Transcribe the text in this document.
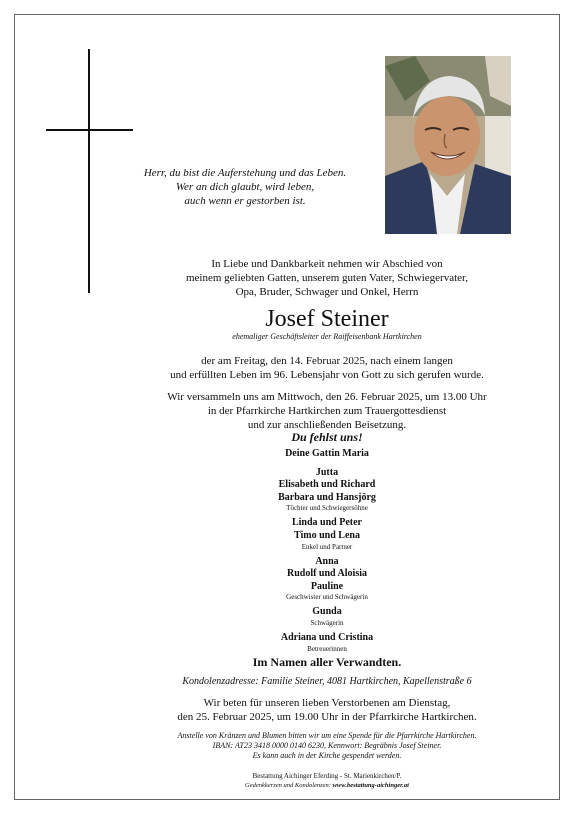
Herr, du bist die Auferstehung und das Leben.
Wer an dich glaubt, wird leben,
auch wenn er gestorben ist.
In Liebe und Dankbarkeit nehmen wir Abschied von
meinem geliebten Gatten, unserem guten Vater, Schwiegervater,
Opa, Bruder, Schwager und Onkel, Herrn
Josef Steiner
ehemaliger Geschäftsleiter der Raiffeisenbank Hartkirchen
der am Freitag, den 14. Februar 2025, nach einem langen
und erfüllten Leben im 96. Lebensjahr von Gott zu sich gerufen wurde.
Wir versammeln uns am Mittwoch, den 26. Februar 2025, um 13.00 Uhr
in der Pfarrkirche Hartkirchen zum Trauergottesdienst
und zur anschließenden Beisetzung.
Du fehlst uns!
Deine Gattin Maria
Jutta
Elisabeth und Richard
Barbara und Hansjörg
Töchter und Schwiegersöhne
Linda und Peter
Timo und Lena
Enkel und Partner
Anna
Rudolf und Aloisia
Pauline
Geschwister und Schwägerin
Gunda
Schwägerin
Adriana und Cristina
Betreuerinnen
Im Namen aller Verwandten.
Kondolenzadresse: Familie Steiner, 4081 Hartkirchen, Kapellenstraße 6
Wir beten für unseren lieben Verstorbenen am Dienstag,
den 25. Februar 2025, um 19.00 Uhr in der Pfarrkirche Hartkirchen.
Anstelle von Kränzen und Blumen bitten wir um eine Spende für die Pfarrkirche Hartkirchen.
IBAN: AT23 3418 0000 0140 6230, Kennwort: Begräbnis Josef Steiner.
Es kann auch in der Kirche gespendet werden.
Bestattung Aichinger Eferding - St. Marienkirchen/P.
Gedenkkerzen und Kondolenzen: www.bestattung-aichinger.at
